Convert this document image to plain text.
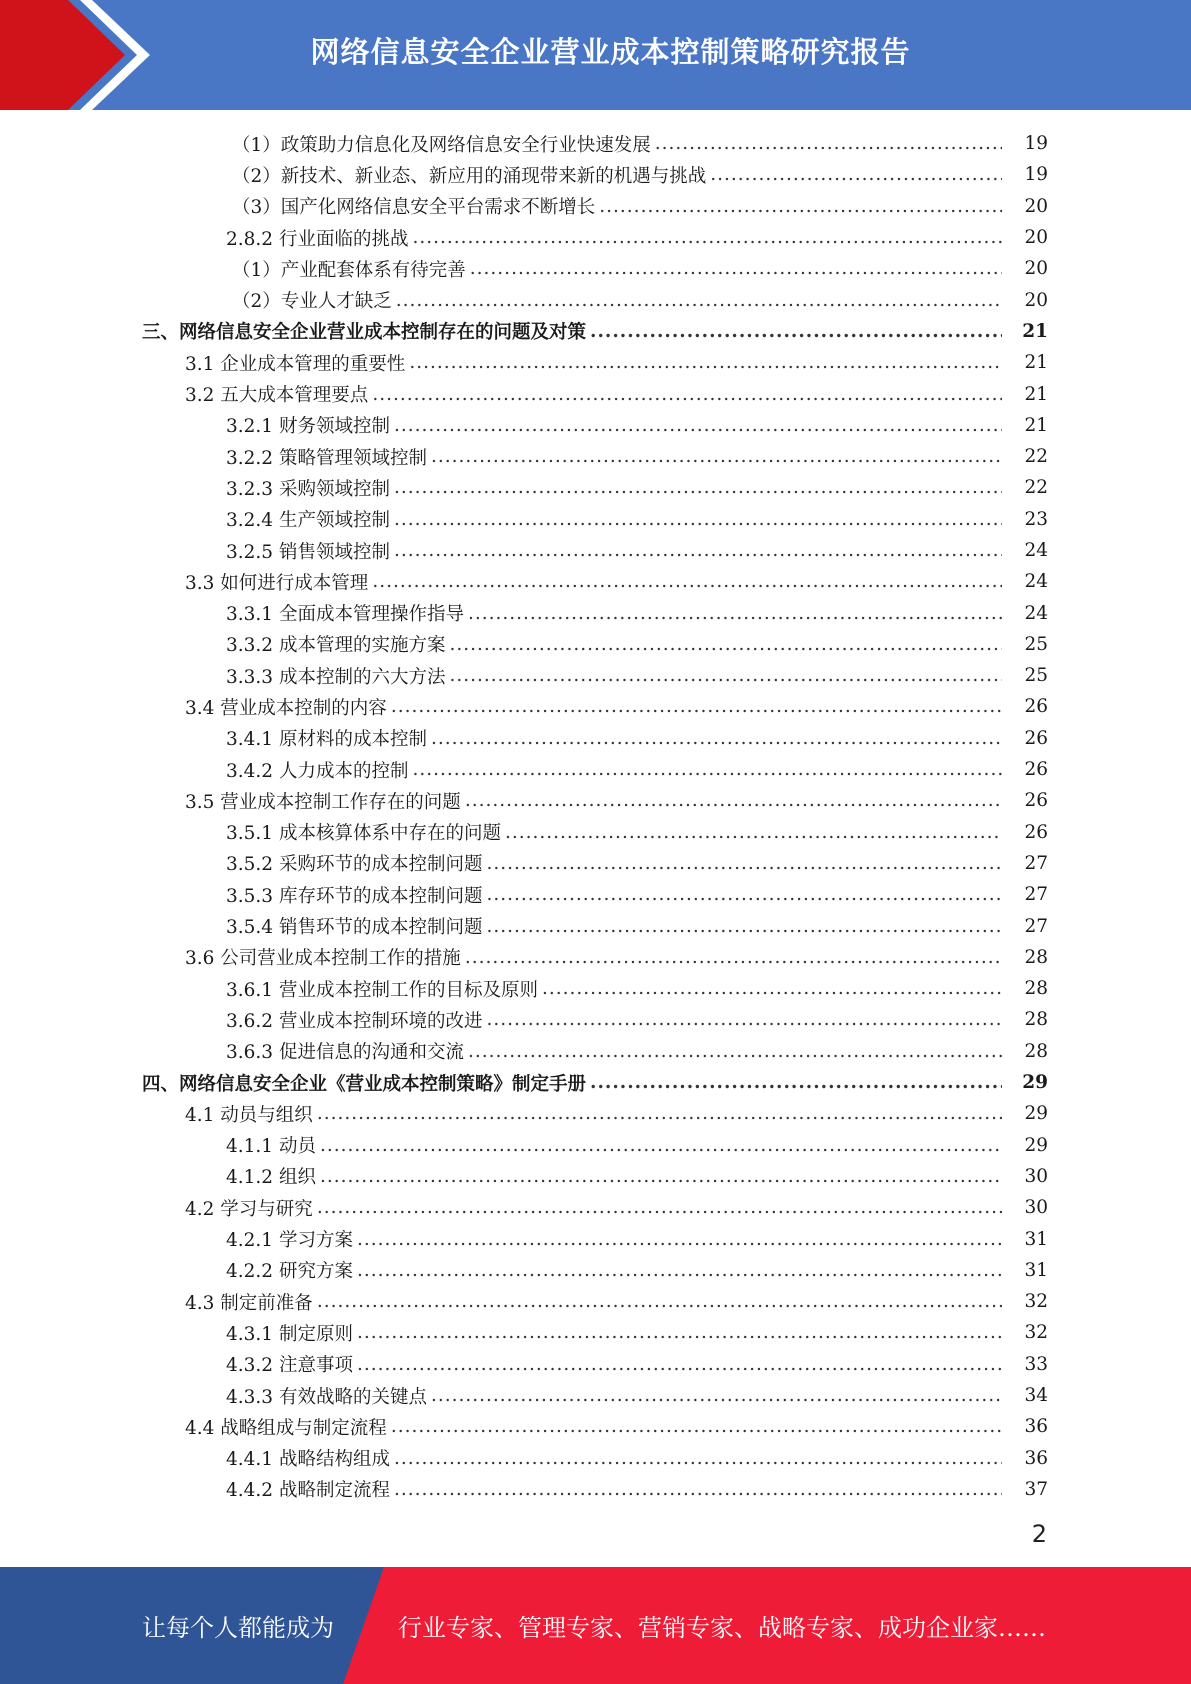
网络信息安全企业营业成本控制策略研究报告
（1）政策助力信息化及网络信息安全行业快速发展 .....	19
（2）新技术、新业态、新应用的涌现带来新的机遇与挑战 .....	19
（3）国产化网络信息安全平台需求不断增长 .....	20
2.8.2 行业面临的挑战 .....	20
（1）产业配套体系有待完善 .....	20
（2）专业人才缺乏 .....	20
三、网络信息安全企业营业成本控制存在的问题及对策 .....	21
3.1 企业成本管理的重要性 .....	21
3.2 五大成本管理要点 .....	21
3.2.1 财务领域控制 .....	21
3.2.2 策略管理领域控制 .....	22
3.2.3 采购领域控制 .....	22
3.2.4 生产领域控制 .....	23
3.2.5 销售领域控制 .....	24
3.3 如何进行成本管理 .....	24
3.3.1 全面成本管理操作指导 .....	24
3.3.2 成本管理的实施方案 .....	25
3.3.3 成本控制的六大方法 .....	25
3.4 营业成本控制的内容 .....	26
3.4.1 原材料的成本控制 .....	26
3.4.2 人力成本的控制 .....	26
3.5 营业成本控制工作存在的问题 .....	26
3.5.1 成本核算体系中存在的问题 .....	26
3.5.2 采购环节的成本控制问题 .....	27
3.5.3 库存环节的成本控制问题 .....	27
3.5.4 销售环节的成本控制问题 .....	27
3.6 公司营业成本控制工作的措施 .....	28
3.6.1 营业成本控制工作的目标及原则 .....	28
3.6.2 营业成本控制环境的改进 .....	28
3.6.3 促进信息的沟通和交流 .....	28
四、网络信息安全企业《营业成本控制策略》制定手册 .....	29
4.1 动员与组织 .....	29
4.1.1 动员 .....	29
4.1.2 组织 .....	30
4.2 学习与研究 .....	30
4.2.1 学习方案 .....	31
4.2.2 研究方案 .....	31
4.3 制定前准备 .....	32
4.3.1 制定原则 .....	32
4.3.2 注意事项 .....	33
4.3.3 有效战略的关键点 .....	34
4.4 战略组成与制定流程 .....	36
4.4.1 战略结构组成 .....	36
4.4.2 战略制定流程 .....	37
2
让每个人都能成为	行业专家、管理专家、营销专家、战略专家、成功企业家……
